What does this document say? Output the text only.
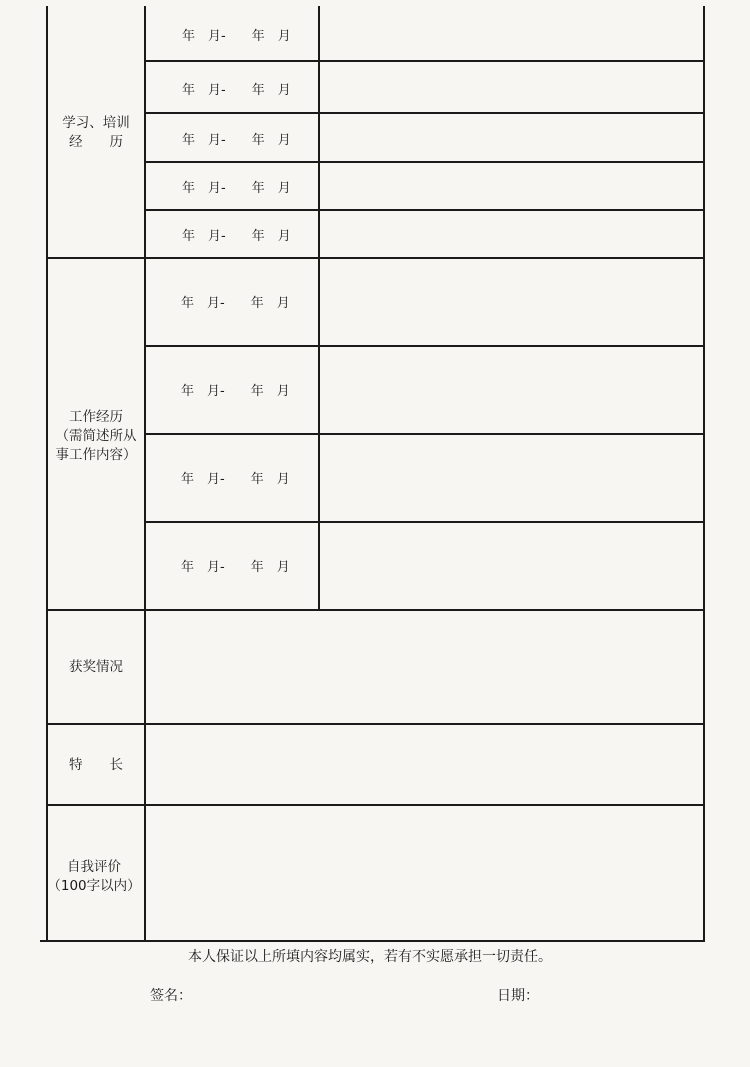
学习、培训
经　　历
工作经历
（需简述所从
事工作内容）
获奖情况
特　　长
自我评价
（100字以内）
年　月-　　年　月
年　月-　　年　月
年　月-　　年　月
年　月-　　年　月
年　月-　　年　月
年　月-　　年　月
年　月-　　年　月
年　月-　　年　月
年　月-　　年　月
本人保证以上所填内容均属实，若有不实愿承担一切责任。
签名：	日期：
